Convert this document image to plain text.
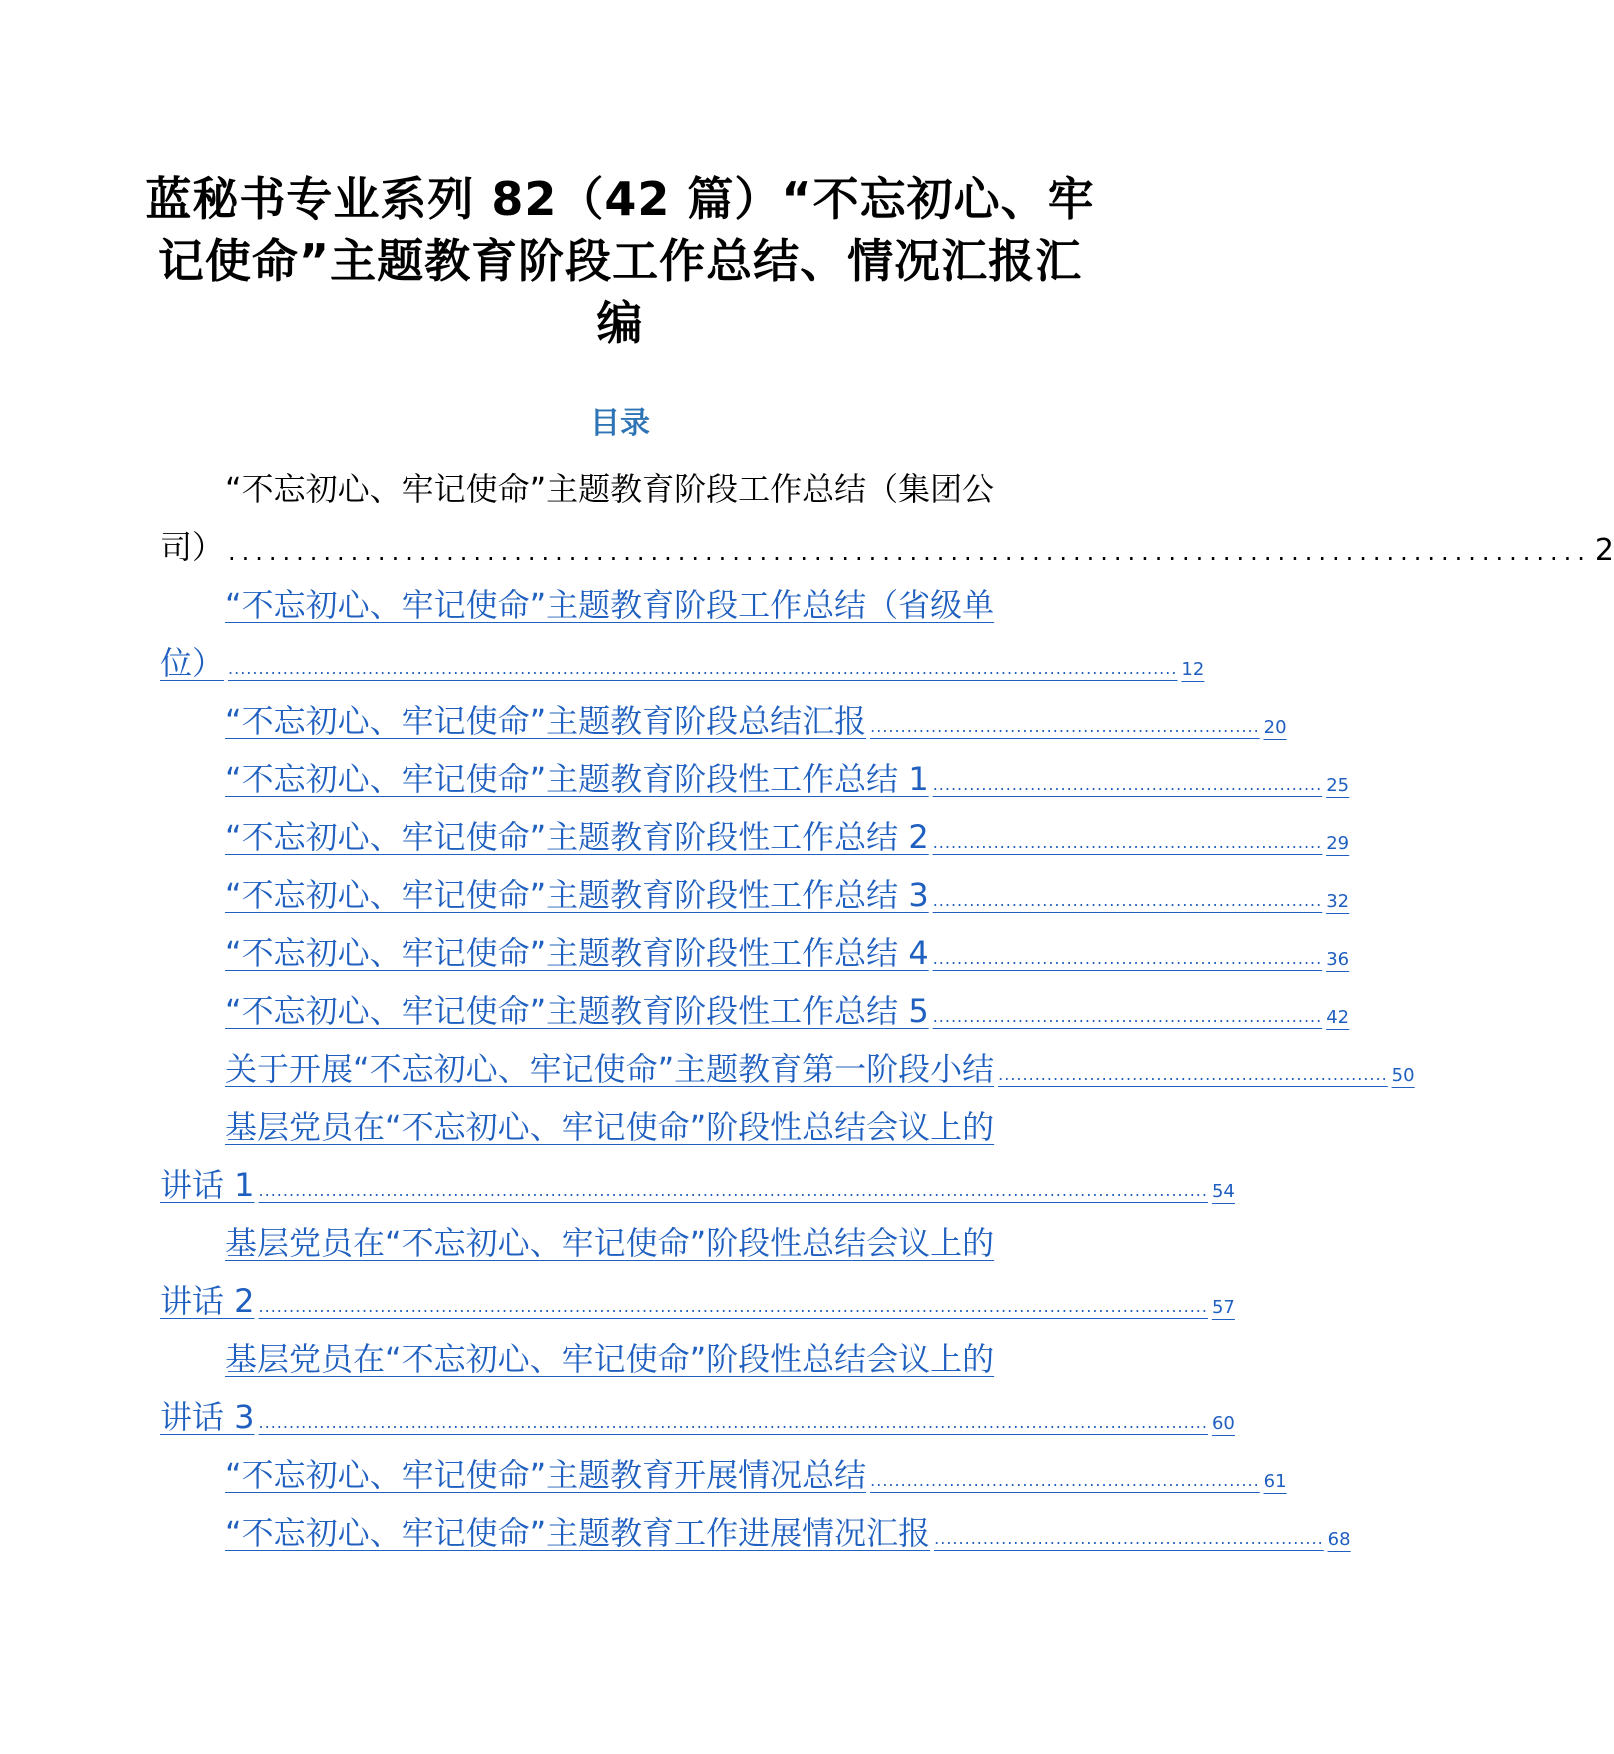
蓝秘书专业系列 82（42 篇）“不忘初心、牢
记使命”主题教育阶段工作总结、情况汇报汇
编
目录
“不忘初心、牢记使命”主题教育阶段工作总结（集团公
司） .................................................................................................... 2
“不忘初心、牢记使命”主题教育阶段工作总结（省级单
位） ............................................................................................................................................................ 12
“不忘初心、牢记使命”主题教育阶段总结汇报 ................................................................ 20
“不忘初心、牢记使命”主题教育阶段性工作总结 1 ................................................................ 25
“不忘初心、牢记使命”主题教育阶段性工作总结 2 ................................................................ 29
“不忘初心、牢记使命”主题教育阶段性工作总结 3 ................................................................ 32
“不忘初心、牢记使命”主题教育阶段性工作总结 4 ................................................................ 36
“不忘初心、牢记使命”主题教育阶段性工作总结 5 ................................................................ 42
关于开展“不忘初心、牢记使命”主题教育第一阶段小结 ................................................................ 50
基层党员在“不忘初心、牢记使命”阶段性总结会议上的
讲话 1 ............................................................................................................................................................ 54
基层党员在“不忘初心、牢记使命”阶段性总结会议上的
讲话 2 ............................................................................................................................................................ 57
基层党员在“不忘初心、牢记使命”阶段性总结会议上的
讲话 3 ............................................................................................................................................................ 60
“不忘初心、牢记使命”主题教育开展情况总结 ................................................................ 61
“不忘初心、牢记使命”主题教育工作进展情况汇报 ................................................................ 68
